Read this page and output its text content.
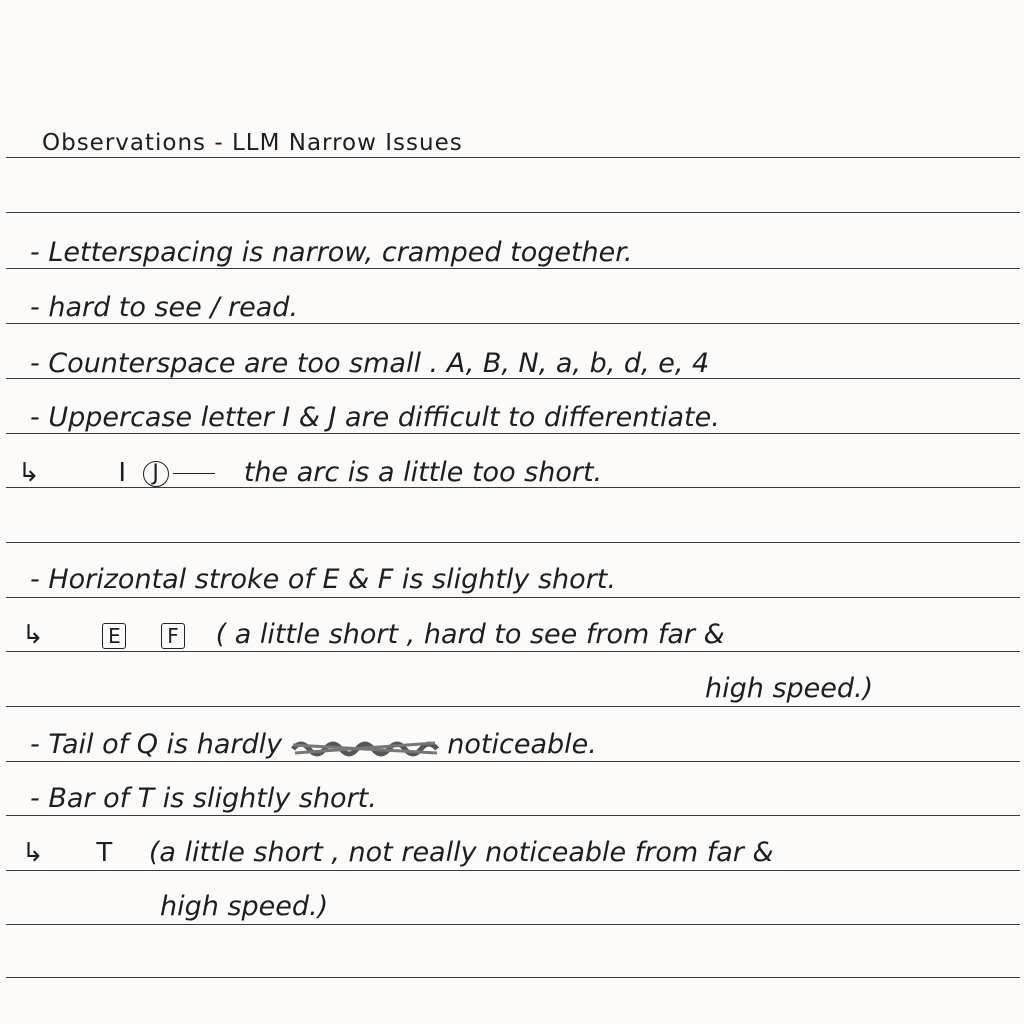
Observations - LLM Narrow Issues
- Letterspacing is narrow, cramped together.
- hard to see / read.
- Counterspace are too small . A, B, N, a, b, d, e, 4
- Uppercase letter I & J are difficult to differentiate.
↳	I J	the arc is a little too short.
- Horizontal stroke of E & F is slightly short.
↳	E F ( a little short , hard to see from far &
high speed.)
- Tail of Q is hardly	noticeable.
- Bar of T is slightly short.
↳ T (a little short , not really noticeable from far &
high speed.)
